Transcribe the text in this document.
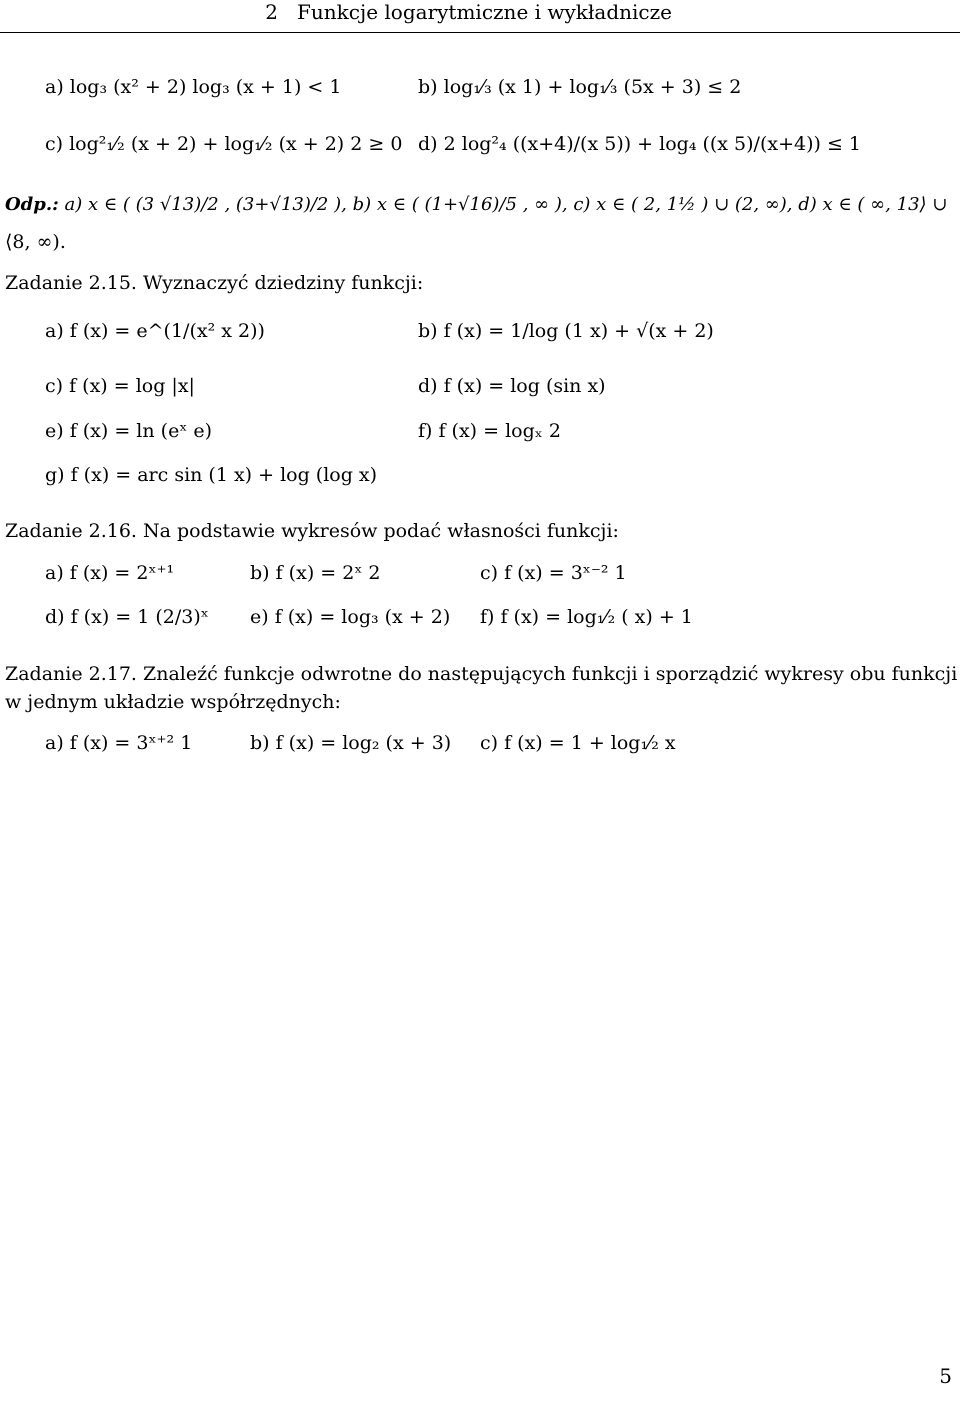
2 Funkcje logarytmiczne i wykładnicze
a) log₃ (x² + 2) log₃ (x + 1) < 1	b) log₁⁄₃ (x 1) + log₁⁄₃ (5x + 3) ≤ 2
c) log²₁⁄₂ (x + 2) + log₁⁄₂ (x + 2) 2 ≥ 0 d) 2 log²₄ ((x+4)/(x 5)) + log₄ ((x 5)/(x+4)) ≤ 1
Odp.: a) x ∈ ( (3 √13)/2 , (3+√13)/2 ), b) x ∈ ( (1+√16)/5 , ∞ ), c) x ∈ ( 2, 1½ ) ∪ (2, ∞), d) x ∈ ( ∞, 13⟩ ∪
⟨8, ∞).
Zadanie 2.15. Wyznaczyć dziedziny funkcji:
a) f (x) = e^(1/(x² x 2))	b) f (x) = 1/log (1 x) + √(x + 2)
c) f (x) = log |x|	d) f (x) = log (sin x)
e) f (x) = ln (eˣ e)	f) f (x) = logₓ 2
g) f (x) = arc sin (1 x) + log (log x)
Zadanie 2.16. Na podstawie wykresów podać własności funkcji:
a) f (x) = 2ˣ⁺¹	b) f (x) = 2ˣ 2	c) f (x) = 3ˣ⁻² 1
d) f (x) = 1 (2/3)ˣ e) f (x) = log₃ (x + 2) f) f (x) = log₁⁄₂ ( x) + 1
Zadanie 2.17. Znaleźć funkcje odwrotne do następujących funkcji i sporządzić wykresy obu funkcji
w jednym układzie współrzędnych:
a) f (x) = 3ˣ⁺² 1	b) f (x) = log₂ (x + 3) c) f (x) = 1 + log₁⁄₂ x
5
